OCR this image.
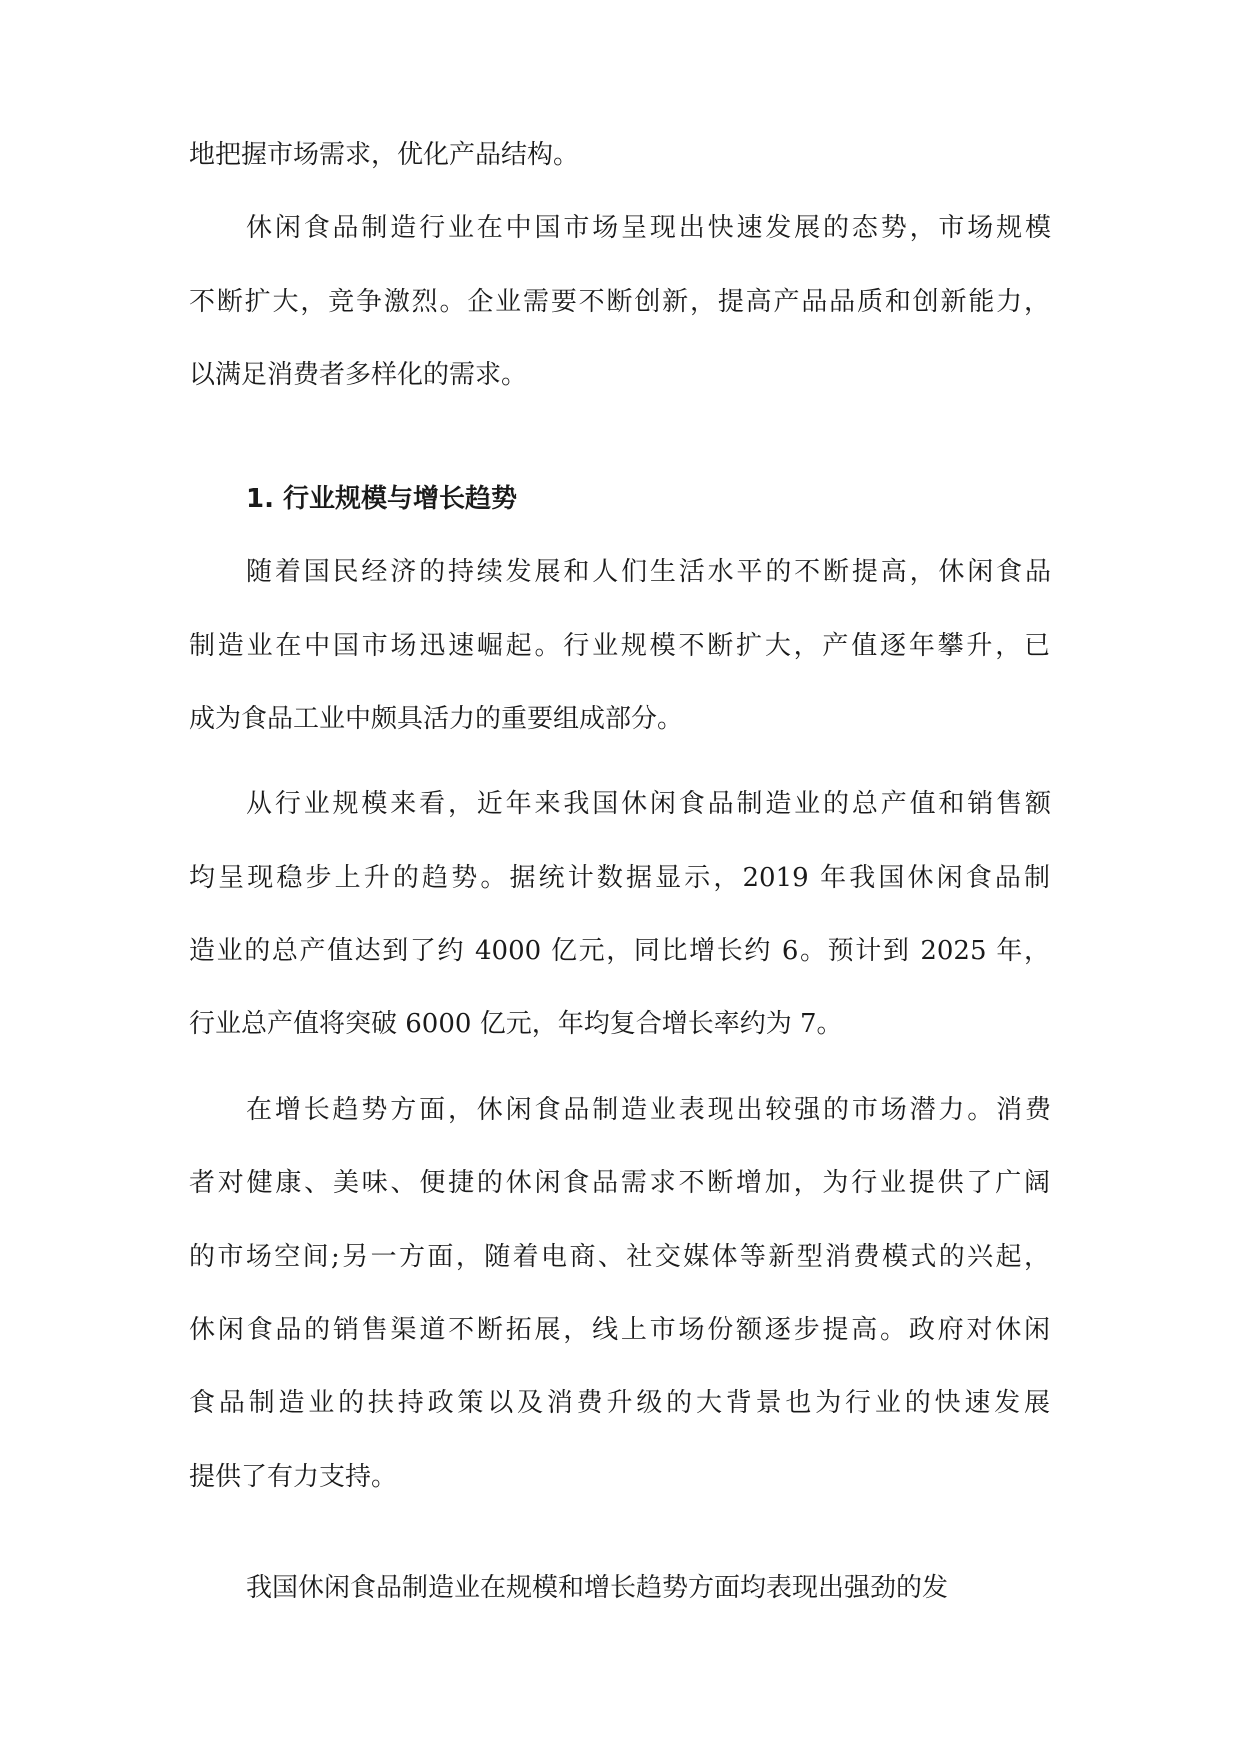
地把握市场需求，优化产品结构。
休闲食品制造行业在中国市场呈现出快速发展的态势，市场规模
不断扩大，竞争激烈。企业需要不断创新，提高产品品质和创新能力，
以满足消费者多样化的需求。
1. 行业规模与增长趋势
随着国民经济的持续发展和人们生活水平的不断提高，休闲食品
制造业在中国市场迅速崛起。行业规模不断扩大，产值逐年攀升，已
成为食品工业中颇具活力的重要组成部分。
从行业规模来看，近年来我国休闲食品制造业的总产值和销售额
均呈现稳步上升的趋势。据统计数据显示，2019 年我国休闲食品制
造业的总产值达到了约 4000 亿元，同比增长约 6。预计到 2025 年，
行业总产值将突破 6000 亿元，年均复合增长率约为 7。
在增长趋势方面，休闲食品制造业表现出较强的市场潜力。消费
者对健康、美味、便捷的休闲食品需求不断增加，为行业提供了广阔
的市场空间;另一方面，随着电商、社交媒体等新型消费模式的兴起，
休闲食品的销售渠道不断拓展，线上市场份额逐步提高。政府对休闲
食品制造业的扶持政策以及消费升级的大背景也为行业的快速发展
提供了有力支持。
我国休闲食品制造业在规模和增长趋势方面均表现出强劲的发
